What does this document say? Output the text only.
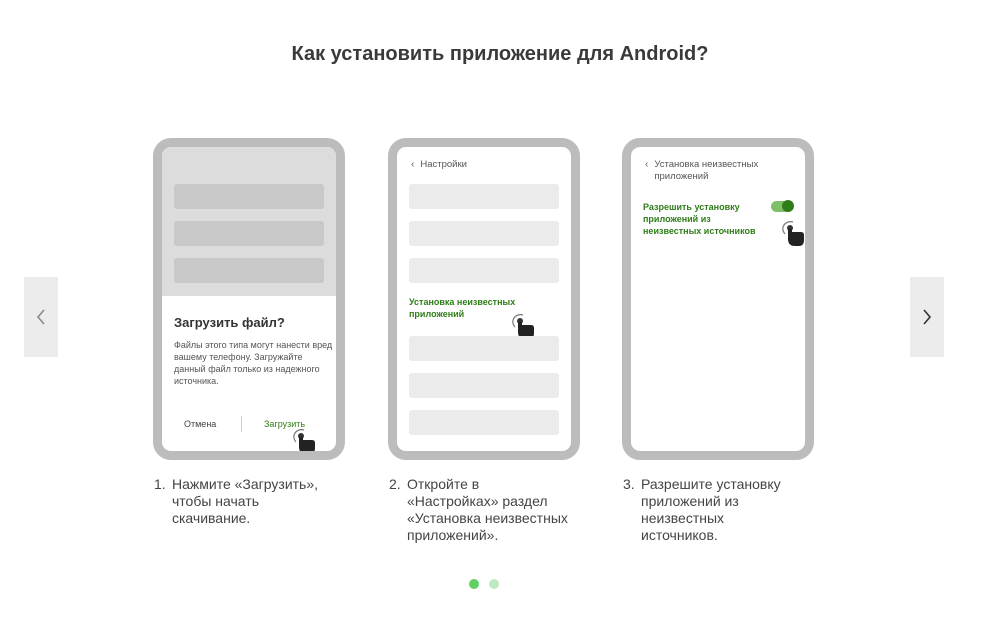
Как установить приложение для Android?
Загрузить файл?
Файлы этого типа могут нанести вред вашему телефону. Загружайте данный файл только из надежного источника.
Отмена	Загрузить
‹ Настройки
Установка неизвестных приложений
‹ Установка неизвестных приложений
Разрешить установку приложений из неизвестных источников
1. Нажмите «Загрузить», чтобы начать скачивание.
2. Откройте в «Настройках» раздел «Установка неизвестных приложений».
3. Разрешите установку приложений из неизвестных источников.
